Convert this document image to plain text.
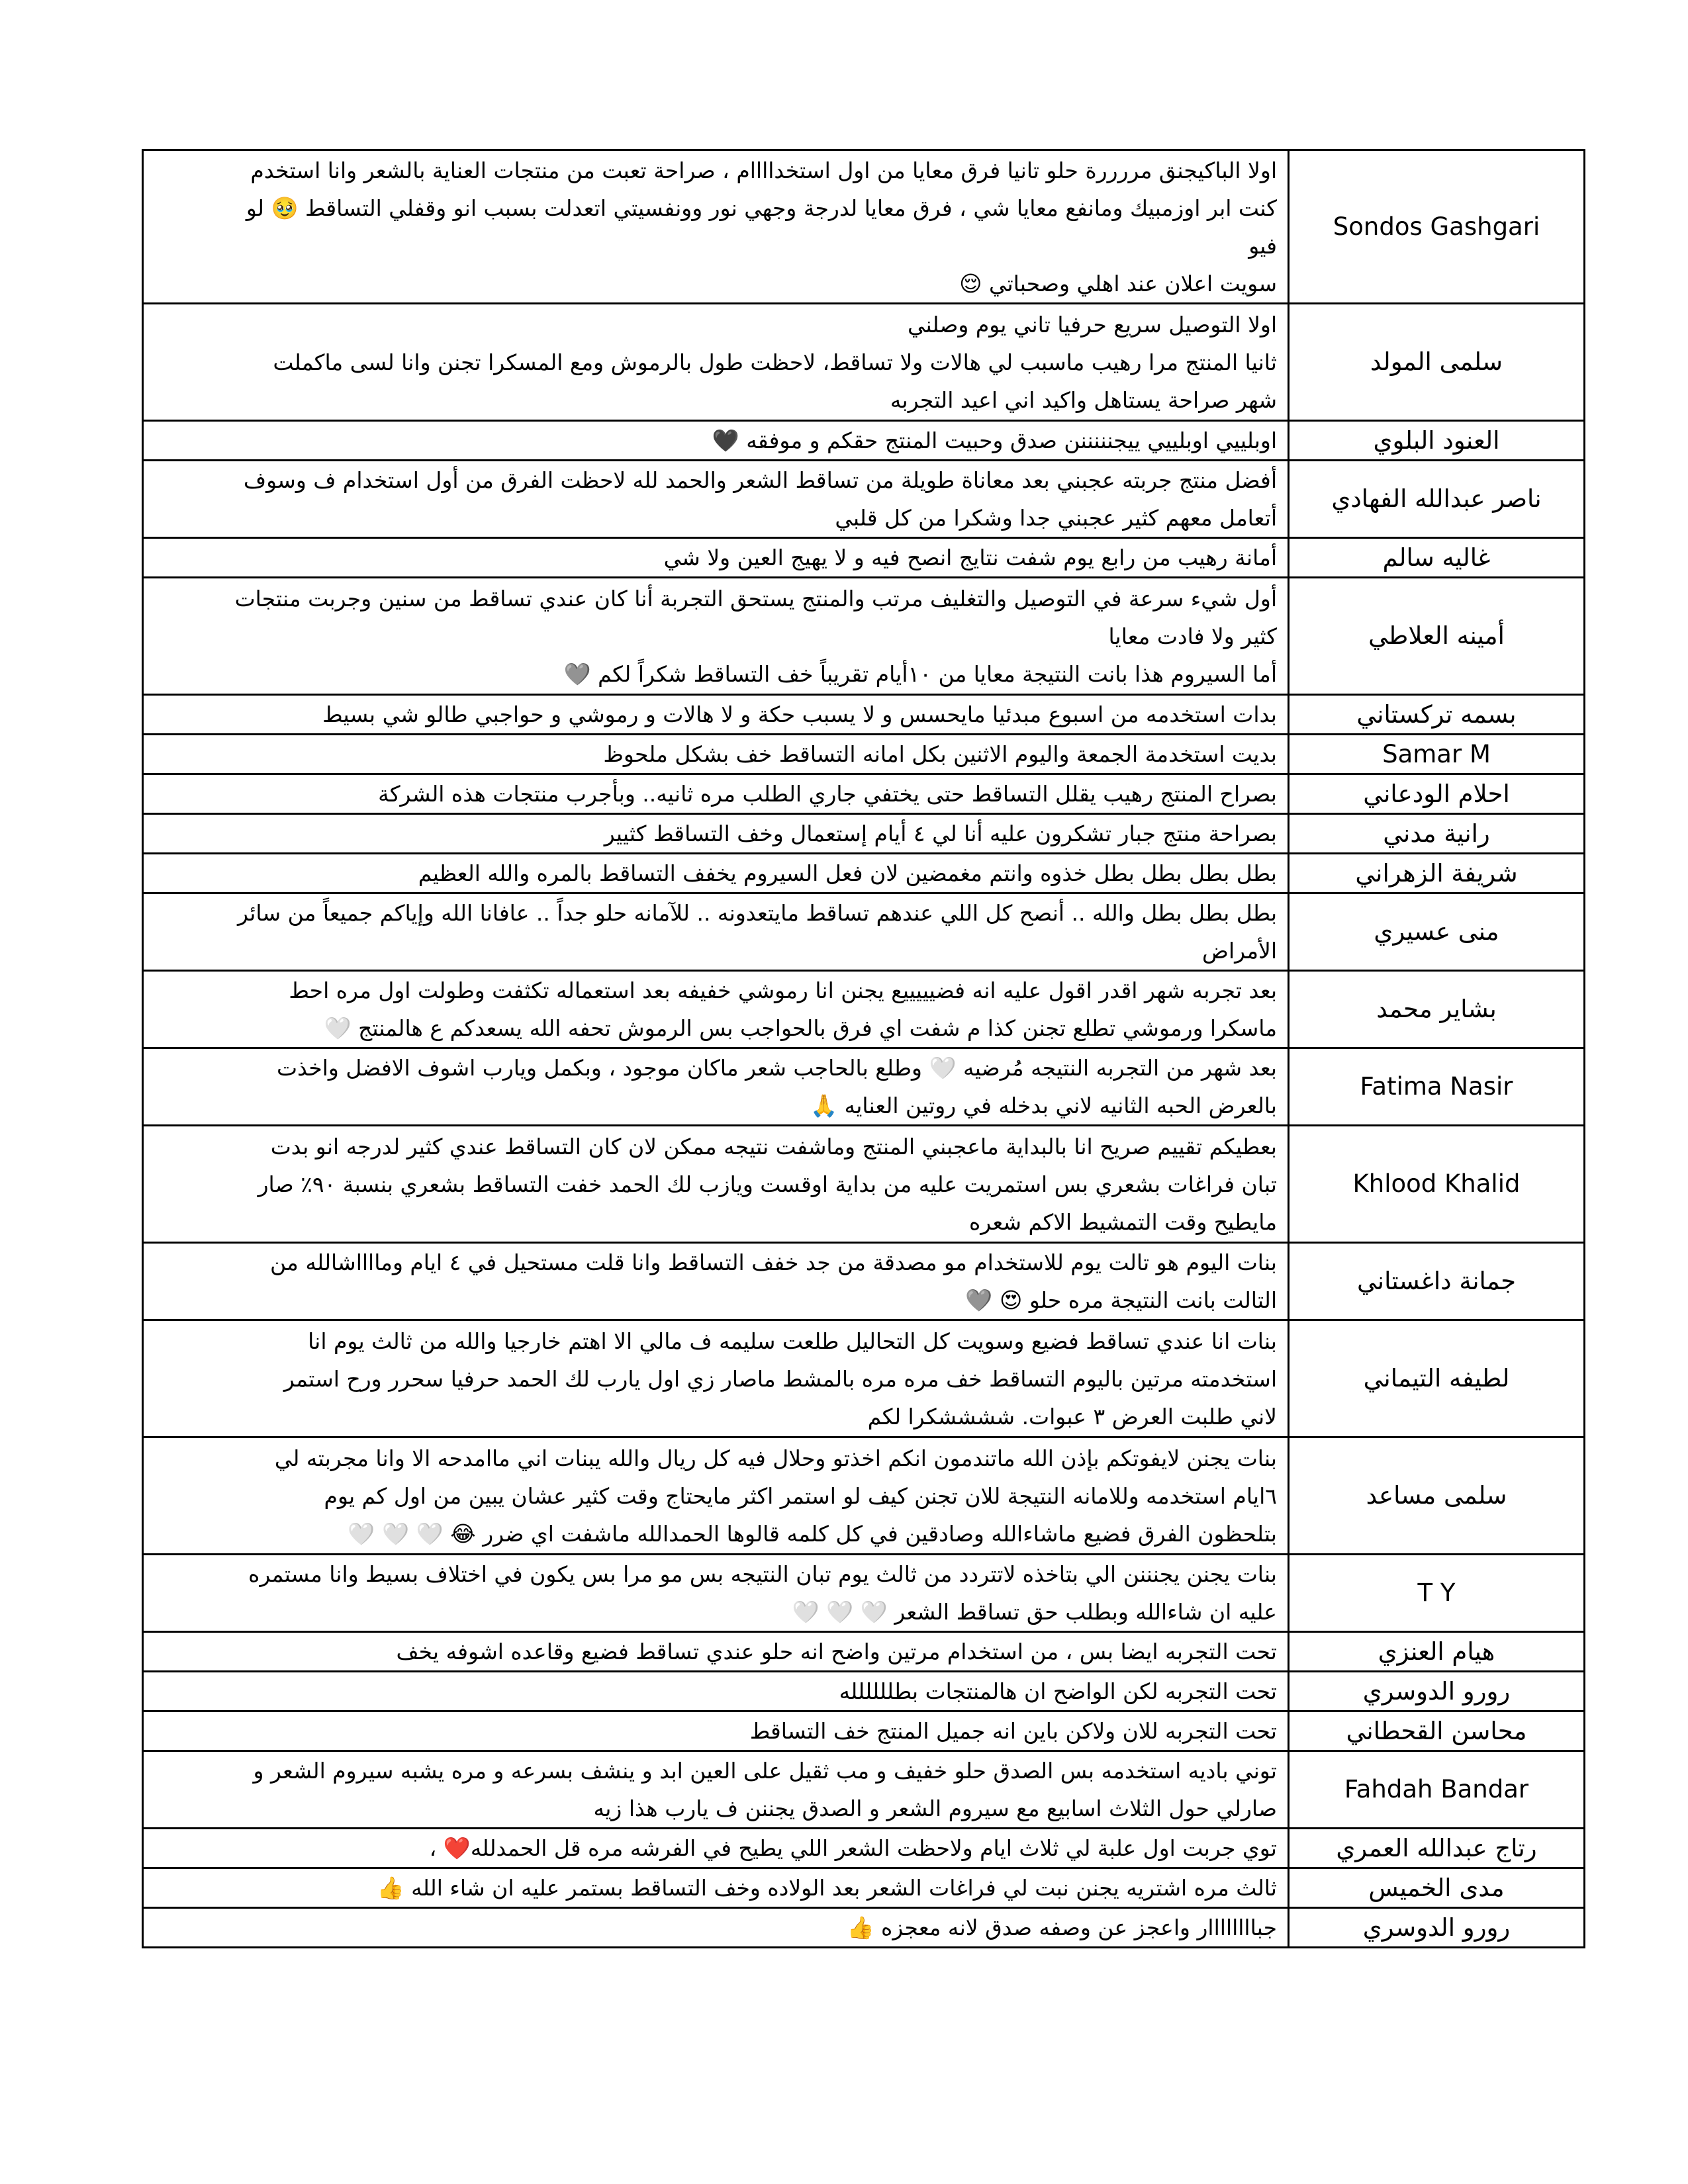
اولا الباكيجنق مررررة حلو تانيا فرق معايا من اول استخداااام ، صراحة تعبت من منتجات العناية بالشعر وانا استخدم
كنت ابر اوزمبيك ومانفع معايا شي ، فرق معايا لدرجة وجهي نور وونفسيتي اتعدلت بسبب انو وقفلي التساقط 🥹 لو
فيو
سويت اعلان عند اهلي وصحباتي 😌	Sondos Gashgari

اولا التوصيل سريع حرفيا تاني يوم وصلني
ثانيا المنتج مرا رهيب ماسبب لي هالات ولا تساقط، لاحظت طول بالرموش ومع المسكرا تجنن وانا لسى ماكملت
شهر صراحة يستاهل واكيد اني اعيد التجربه	سلمى المولد

اوبلييي اوبلييي ييجنننننن صدق وحبيت المنتج حقكم و موفقه 🖤	العنود البلوي

أفضل منتج جربته عجبني بعد معاناة طويلة من تساقط الشعر والحمد لله لاحظت الفرق من أول استخدام ف وسوف
أتعامل معهم كثير عجبني جدا وشكرا من كل قلبي	ناصر عبدالله الفهادي

أمانة رهيب من رابع يوم شفت نتايج انصح فيه و لا يهيج العين ولا شي	غاليه سالم

أول شيء سرعة في التوصيل والتغليف مرتب والمنتج يستحق التجربة أنا كان عندي تساقط من سنين وجربت منتجات
كثير ولا فادت معايا
أما السيروم هذا بانت النتيجة معايا من ١٠أيام تقريباً خف التساقط شكراً لكم 🩶	أمينه العلاطي

بدات استخدمه من اسبوع مبدئيا مايحسس و لا يسبب حكة و لا هالات و رموشي و حواجبي طالو شي بسيط	بسمه تركستاني

بديت استخدمة الجمعة واليوم الاثنين بكل امانه التساقط خف بشكل ملحوظ	Samar M

بصراح المنتج رهيب يقلل التساقط حتى يختفي جاري الطلب مره ثانيه.. وبأجرب منتجات هذه الشركة	احلام الودعاني

بصراحة منتج جبار تشكرون عليه أنا لي ٤ أيام إستعمال وخف التساقط كثيير	رانية مدني

بطل بطل بطل بطل خذوه وانتم مغمضين لان فعل السيروم يخفف التساقط بالمره والله العظيم	شريفة الزهراني

بطل بطل بطل والله .. أنصح كل اللي عندهم تساقط مايتعدونه .. للآمانه حلو جداً .. عافانا الله وإياكم جميعاً من سائر
الأمراض	منى عسيري

بعد تجربه شهر اقدر اقول عليه انه فضيييييع يجنن انا رموشي خفيفه بعد استعماله تكثفت وطولت اول مره احط
ماسكرا ورموشي تطلع تجنن كذا م شفت اي فرق بالحواجب بس الرموش تحفه الله يسعدكم ع هالمنتج 🤍	بشاير محمد

بعد شهر من التجربه النتيجه مُرضيه 🤍 وطلع بالحاجب شعر ماكان موجود ، وبكمل ويارب اشوف الافضل واخذت
بالعرض الحبه الثانيه لاني بدخله في روتين العنايه 🙏	Fatima Nasir

بعطيكم تقييم صريح انا بالبداية ماعجبني المنتج وماشفت نتيجه ممكن لان كان التساقط عندي كثير لدرجه انو بدت
تبان فراغات بشعري بس استمريت عليه من بداية اوقست ويازب لك الحمد خفت التساقط بشعري بنسبة ٩٠٪ صار
مايطيح وقت التمشيط الاكم شعره	Khlood Khalid

بنات اليوم هو تالت يوم للاستخدام مو مصدقة من جد خفف التساقط وانا قلت مستحيل في ٤ ايام ومااااشالله من
التالت بانت النتيجة مره حلو 😍 🩶	جمانة داغستاني

بنات انا عندي تساقط فضيع وسويت كل التحاليل طلعت سليمه ف مالي الا اهتم خارجيا والله من ثالث يوم انا
استخدمته مرتين باليوم التساقط خف مره مره بالمشط ماصار زي اول يارب لك الحمد حرفيا سحرر ورح استمر
لاني طلبت العرض ٣ عبوات. ششششكرا لكم	لطيفه التيماني

بنات يجنن لايفوتكم بإذن الله ماتندمون انكم اخذتو وحلال فيه كل ريال والله يبنات اني ماامدحه الا وانا مجربته لي
٦ايام استخدمه وللامانه النتيجة للان تجنن كيف لو استمر اكثر مايحتاج وقت كثير عشان يبين من اول كم يوم
بتلحظون الفرق فضيع ماشاءالله وصادقين في كل كلمه قالوها الحمدالله ماشفت اي ضرر 😂 🤍 🤍 🤍	سلمى مساعد

بنات يجنن يجنننن الي بتاخذه لاتتردد من ثالث يوم تبان النتيجه بس مو مرا بس يكون في اختلاف بسيط وانا مستمره
عليه ان شاءالله وبطلب حق تساقط الشعر 🤍 🤍 🤍	T Y

تحت التجربه ايضا بس ، من استخدام مرتين واضح انه حلو عندي تساقط فضيع وقاعده اشوفه يخف	هيام العنزي

تحت التجربه لكن الواضح ان هالمنتجات بطلللللله	رورو الدوسري

تحت التجربه للان ولاكن باين انه جميل المنتج خف التساقط	محاسن القحطاني

توني باديه استخدمه بس الصدق حلو خفيف و مب ثقيل على العين ابد و ينشف بسرعه و مره يشبه سيروم الشعر و
صارلي حول الثلاث اسابيع مع سيروم الشعر و الصدق يجننن ف يارب هذا زيه	Fahdah Bandar

توي جربت اول علبة لي ثلاث ايام ولاحظت الشعر اللي يطيح في الفرشه مره قل الحمدلله❤️ ،	رتاج عبدالله العمري

ثالث مره اشتريه يجنن نبت لي فراغات الشعر بعد الولاده وخف التساقط بستمر عليه ان شاء الله 👍	مدى الخميس

جباااااااار واعجز عن وصفه صدق لانه معجزه 👍	رورو الدوسري
